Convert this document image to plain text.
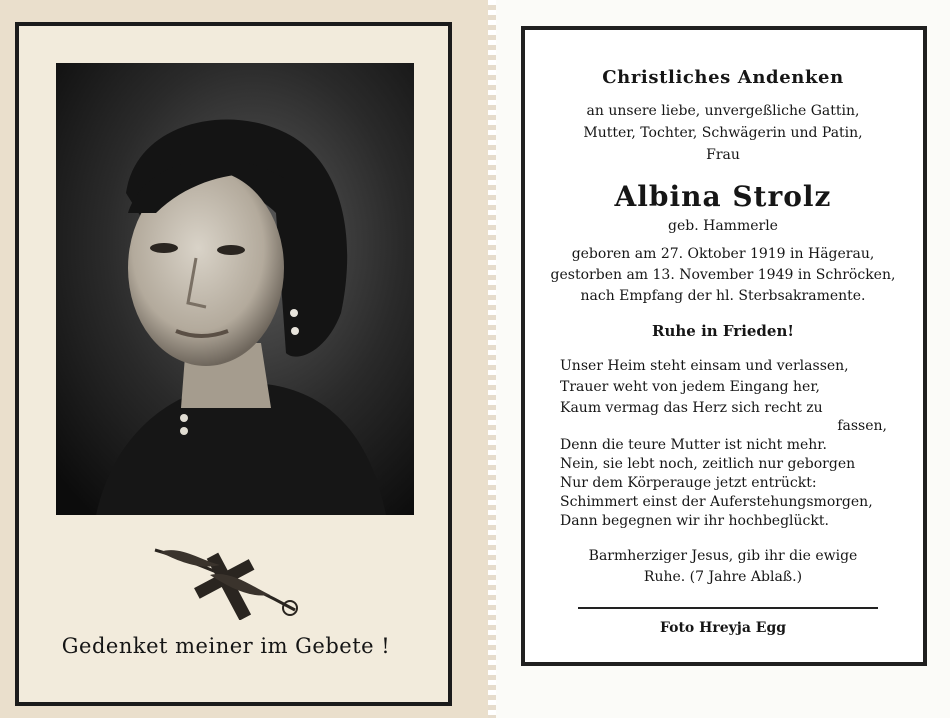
Gedenket meiner im Gebete !
Christliches Andenken
an unsere liebe, unvergeßliche Gattin,
Mutter, Tochter, Schwägerin und Patin,
Frau
Albina Strolz
geb. Hammerle
geboren am 27. Oktober 1919 in Hägerau,
gestorben am 13. November 1949 in Schröcken,
nach Empfang der hl. Sterbsakramente.
Ruhe in Frieden!
Unser Heim steht einsam und verlassen,
Trauer weht von jedem Eingang her,
Kaum vermag das Herz sich recht zu
fassen,
Denn die teure Mutter ist nicht mehr.
Nein, sie lebt noch, zeitlich nur geborgen
Nur dem Körperauge jetzt entrückt:
Schimmert einst der Auferstehungsmorgen,
Dann begegnen wir ihr hochbeglückt.
Barmherziger Jesus, gib ihr die ewige
Ruhe. (7 Jahre Ablaß.)
Foto Hreyja Egg
